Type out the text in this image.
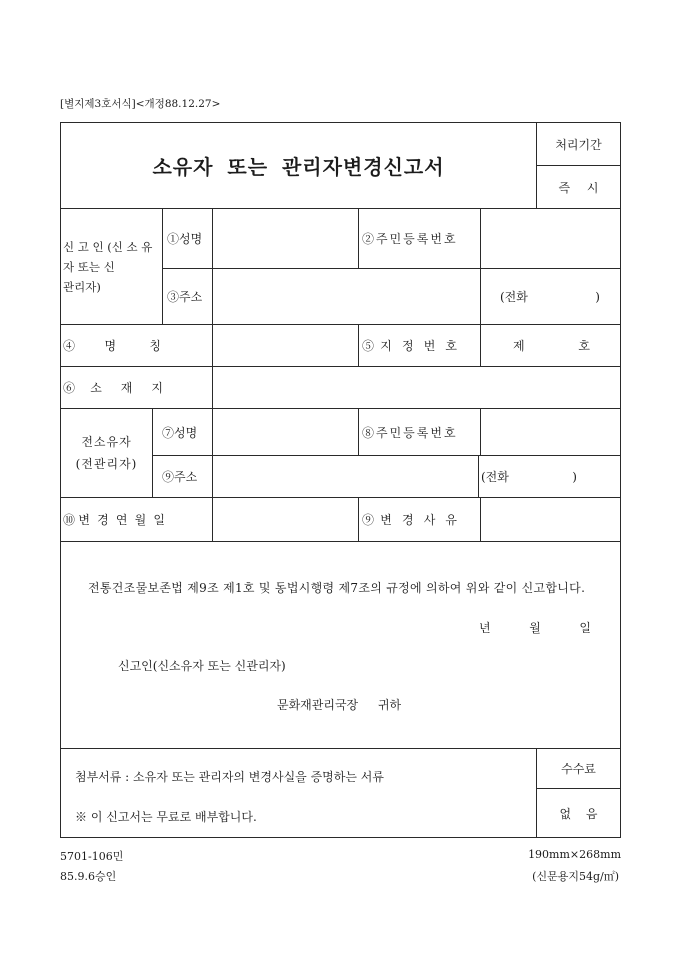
[별지제3호서식]<개정88.12.27>
소유자 또는 관리자변경신고서
처리기간
즉 시
신 고 인 (신 소 유
자 또는 신
관리자)
①성명	②주민등록번호
③주소	(전화 )
④명 칭	⑤지 정 번 호	제 호
⑥소 재 지
전소유자
(전관리자)
⑦성명	⑧주민등록번호
⑨주소	(전화 )
⑩변 경 연 월 일	⑨변 경 사 유
전통건조물보존법 제9조 제1호 및 동법시행령 제7조의 규정에 의하여 위와 같이 신고합니다.
년 월 일
신고인(신소유자 또는 신관리자)
문화재관리국장 귀하
첨부서류 : 소유자 또는 관리자의 변경사실을 증명하는 서류
※ 이 신고서는 무료로 배부합니다.
수수료
없 음
5701-106민
85.9.6승인
190mm×268mm
(신문용지54g/㎡)
